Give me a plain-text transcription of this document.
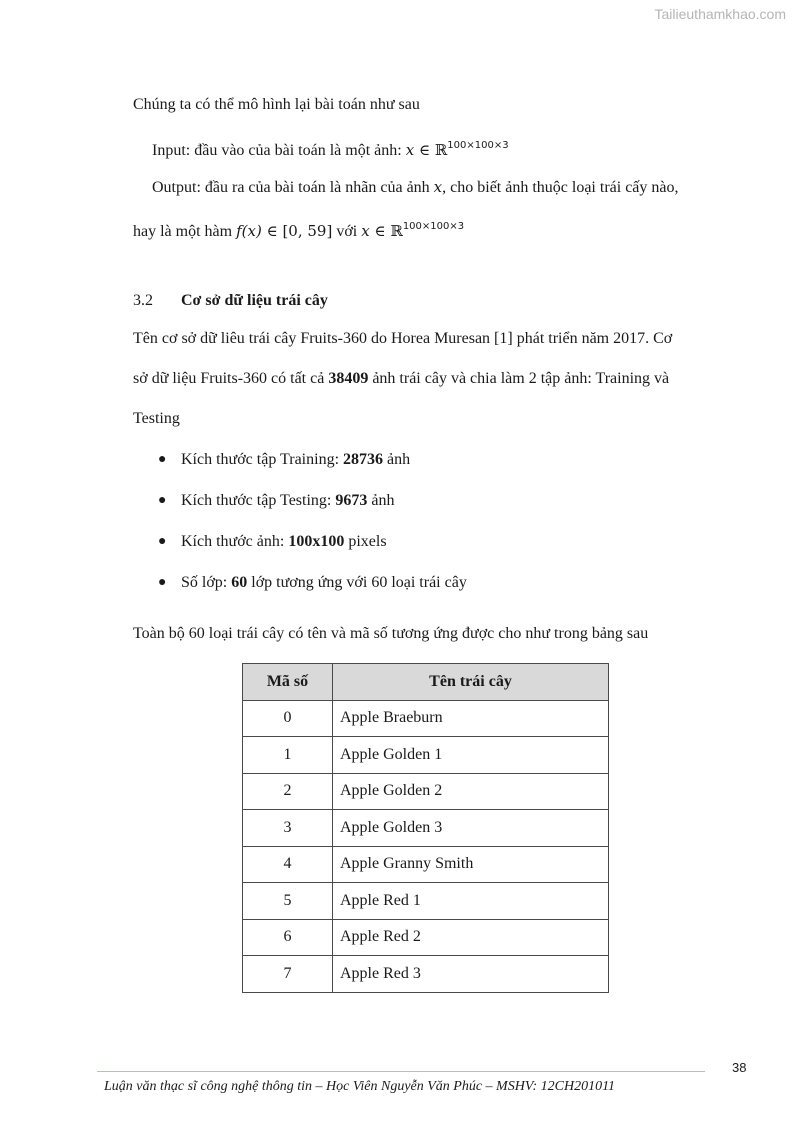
Tailieuthamkhao.com
Chúng ta có thể mô hình lại bài toán như sau
Input: đầu vào của bài toán là một ảnh: x ∈ ℝ$^{100\times 100\times 3}$
Output: đầu ra của bài toán là nhãn của ảnh x, cho biết ảnh thuộc loại trái cấy nào,
hay là một hàm f(x) ∈ [0, 59] với x ∈ ℝ$^{100\times 100\times 3}$
3.2 Cơ sở dữ liệu trái cây
Tên cơ sở dữ liêu trái cây Fruits-360 do Horea Muresan [1] phát triển năm 2017. Cơ
sở dữ liệu Fruits-360 có tất cả 38409 ảnh trái cây và chia làm 2 tập ảnh: Training và
Testing
● Kích thước tập Training: 28736 ảnh
● Kích thước tập Testing: 9673 ảnh
● Kích thước ảnh: 100x100 pixels
● Số lớp: 60 lớp tương ứng với 60 loại trái cây
Toàn bộ 60 loại trái cây có tên và mã số tương ứng được cho như trong bảng sau
Mã số	Tên trái cây
0	Apple Braeburn
1	Apple Golden 1
2	Apple Golden 2
3	Apple Golden 3
4	Apple Granny Smith
5	Apple Red 1
6	Apple Red 2
7	Apple Red 3
38
Luận văn thạc sĩ công nghệ thông tin – Học Viên Nguyễn Văn Phúc – MSHV: 12CH201011
